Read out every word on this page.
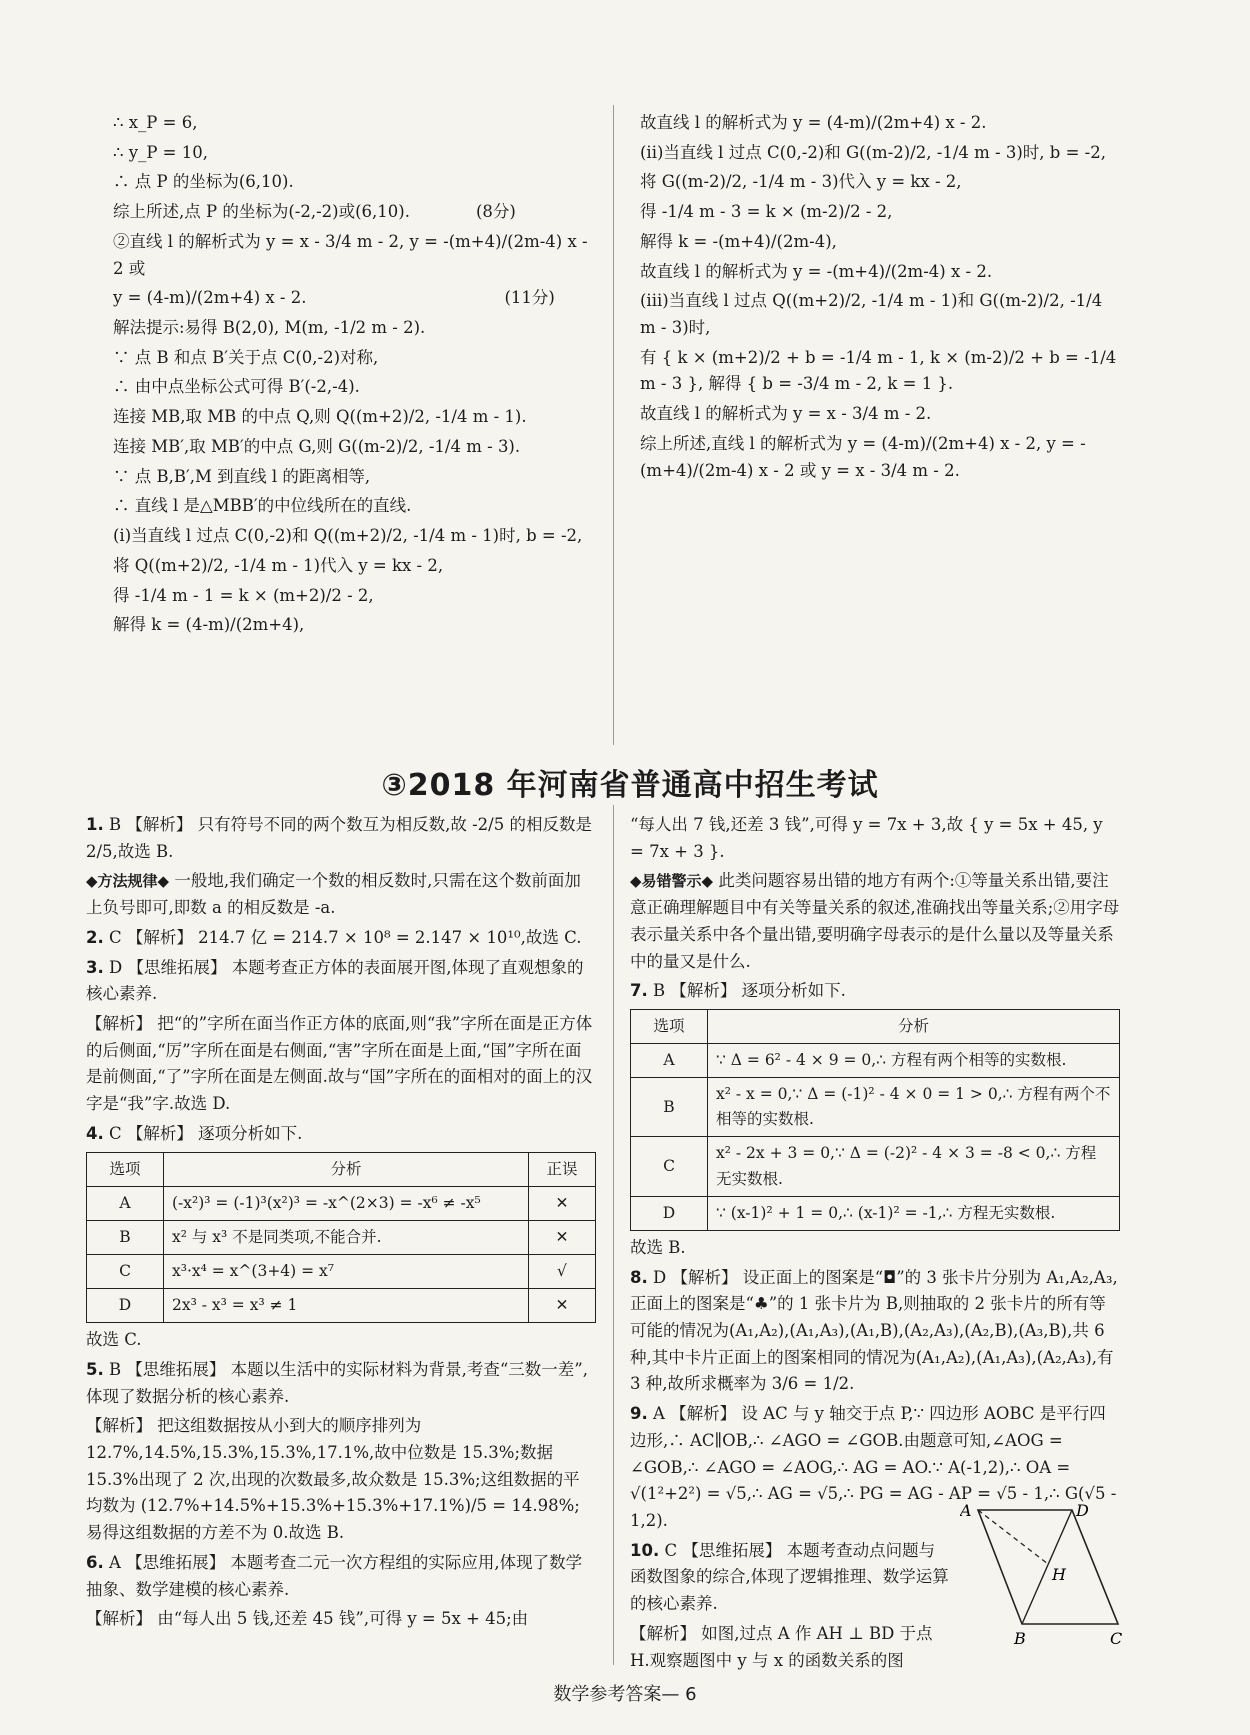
∴ x_P = 6,

∴ y_P = 10,

∴ 点 P 的坐标为(6,10).

综上所述,点 P 的坐标为(-2,-2)或(6,10).　　　　(8分)

②直线 l 的解析式为 y = x - 3/4 m - 2, y = -(m+4)/(2m-4) x - 2 或

y = (4-m)/(2m+4) x - 2.　　　　　　　　　　　　(11分)

解法提示:易得 B(2,0), M(m, -1/2 m - 2).

∵ 点 B 和点 B′关于点 C(0,-2)对称,

∴ 由中点坐标公式可得 B′(-2,-4).

连接 MB,取 MB 的中点 Q,则 Q((m+2)/2, -1/4 m - 1).

连接 MB′,取 MB′的中点 G,则 G((m-2)/2, -1/4 m - 3).

∵ 点 B,B′,M 到直线 l 的距离相等,

∴ 直线 l 是△MBB′的中位线所在的直线.

(i)当直线 l 过点 C(0,-2)和 Q((m+2)/2, -1/4 m - 1)时, b = -2,

将 Q((m+2)/2, -1/4 m - 1)代入 y = kx - 2,

得 -1/4 m - 1 = k × (m+2)/2 - 2,

解得 k = (4-m)/(2m+4),

故直线 l 的解析式为 y = (4-m)/(2m+4) x - 2.

(ii)当直线 l 过点 C(0,-2)和 G((m-2)/2, -1/4 m - 3)时, b = -2,

将 G((m-2)/2, -1/4 m - 3)代入 y = kx - 2,

得 -1/4 m - 3 = k × (m-2)/2 - 2,

解得 k = -(m+4)/(2m-4),

故直线 l 的解析式为 y = -(m+4)/(2m-4) x - 2.

(iii)当直线 l 过点 Q((m+2)/2, -1/4 m - 1)和 G((m-2)/2, -1/4 m - 3)时,

有 { k × (m+2)/2 + b = -1/4 m - 1, k × (m-2)/2 + b = -1/4 m - 3 }, 解得 { b = -3/4 m - 2, k = 1 }.

故直线 l 的解析式为 y = x - 3/4 m - 2.

综上所述,直线 l 的解析式为 y = (4-m)/(2m+4) x - 2, y = -(m+4)/(2m-4) x - 2 或 y = x - 3/4 m - 2.

③2018 年河南省普通高中招生考试

1. B 【解析】 只有符号不同的两个数互为相反数,故 -2/5 的相反数是 2/5,故选 B.

◆方法规律◆ 一般地,我们确定一个数的相反数时,只需在这个数前面加上负号即可,即数 a 的相反数是 -a.

2. C 【解析】 214.7 亿 = 214.7 × 10⁸ = 2.147 × 10¹⁰,故选 C.

3. D 【思维拓展】 本题考查正方体的表面展开图,体现了直观想象的核心素养.

【解析】 把“的”字所在面当作正方体的底面,则“我”字所在面是正方体的后侧面,“厉”字所在面是右侧面,“害”字所在面是上面,“国”字所在面是前侧面,“了”字所在面是左侧面.故与“国”字所在的面相对的面上的汉字是“我”字.故选 D.

4. C 【解析】 逐项分析如下.

选项	分析	正误
A	(-x²)³ = (-1)³(x²)³ = -x^(2×3) = -x⁶ ≠ -x⁵	✕
B	x² 与 x³ 不是同类项,不能合并.	✕
C	x³·x⁴ = x^(3+4) = x⁷	√
D	2x³ - x³ = x³ ≠ 1	✕

故选 C.

5. B 【思维拓展】 本题以生活中的实际材料为背景,考查“三数一差”,体现了数据分析的核心素养.

【解析】 把这组数据按从小到大的顺序排列为 12.7%,14.5%,15.3%,15.3%,17.1%,故中位数是 15.3%;数据 15.3%出现了 2 次,出现的次数最多,故众数是 15.3%;这组数据的平均数为 (12.7%+14.5%+15.3%+15.3%+17.1%)/5 = 14.98%;易得这组数据的方差不为 0.故选 B.

6. A 【思维拓展】 本题考查二元一次方程组的实际应用,体现了数学抽象、数学建模的核心素养.

【解析】 由“每人出 5 钱,还差 45 钱”,可得 y = 5x + 45;由

“每人出 7 钱,还差 3 钱”,可得 y = 7x + 3,故 { y = 5x + 45, y = 7x + 3 }.

◆易错警示◆ 此类问题容易出错的地方有两个:①等量关系出错,要注意正确理解题目中有关等量关系的叙述,准确找出等量关系;②用字母表示量关系中各个量出错,要明确字母表示的是什么量以及等量关系中的量又是什么.

7. B 【解析】 逐项分析如下.

选项	分析
A	∵ Δ = 6² - 4 × 9 = 0,∴ 方程有两个相等的实数根.
B	x² - x = 0,∵ Δ = (-1)² - 4 × 0 = 1 > 0,∴ 方程有两个不相等的实数根.
C	x² - 2x + 3 = 0,∵ Δ = (-2)² - 4 × 3 = -8 < 0,∴ 方程无实数根.
D	∵ (x-1)² + 1 = 0,∴ (x-1)² = -1,∴ 方程无实数根.

故选 B.

8. D 【解析】 设正面上的图案是“◘”的 3 张卡片分别为 A₁,A₂,A₃,正面上的图案是“♣”的 1 张卡片为 B,则抽取的 2 张卡片的所有等可能的情况为(A₁,A₂),(A₁,A₃),(A₁,B),(A₂,A₃),(A₂,B),(A₃,B),共 6 种,其中卡片正面上的图案相同的情况为(A₁,A₂),(A₁,A₃),(A₂,A₃),有 3 种,故所求概率为 3/6 = 1/2.

9. A 【解析】 设 AC 与 y 轴交于点 P,∵ 四边形 AOBC 是平行四边形,∴ AC∥OB,∴ ∠AGO = ∠GOB.由题意可知,∠AOG = ∠GOB,∴ ∠AGO = ∠AOG,∴ AG = AO.∵ A(-1,2),∴ OA = √(1²+2²) = √5,∴ AG = √5,∴ PG = AG - AP = √5 - 1,∴ G(√5 - 1,2).

10. C 【思维拓展】 本题考查动点问题与函数图象的综合,体现了逻辑推理、数学运算的核心素养.

【解析】 如图,过点 A 作 AH ⊥ BD 于点 H.观察题图中 y 与 x 的函数关系的图

A	D
H
B	C
数学参考答案— 6
